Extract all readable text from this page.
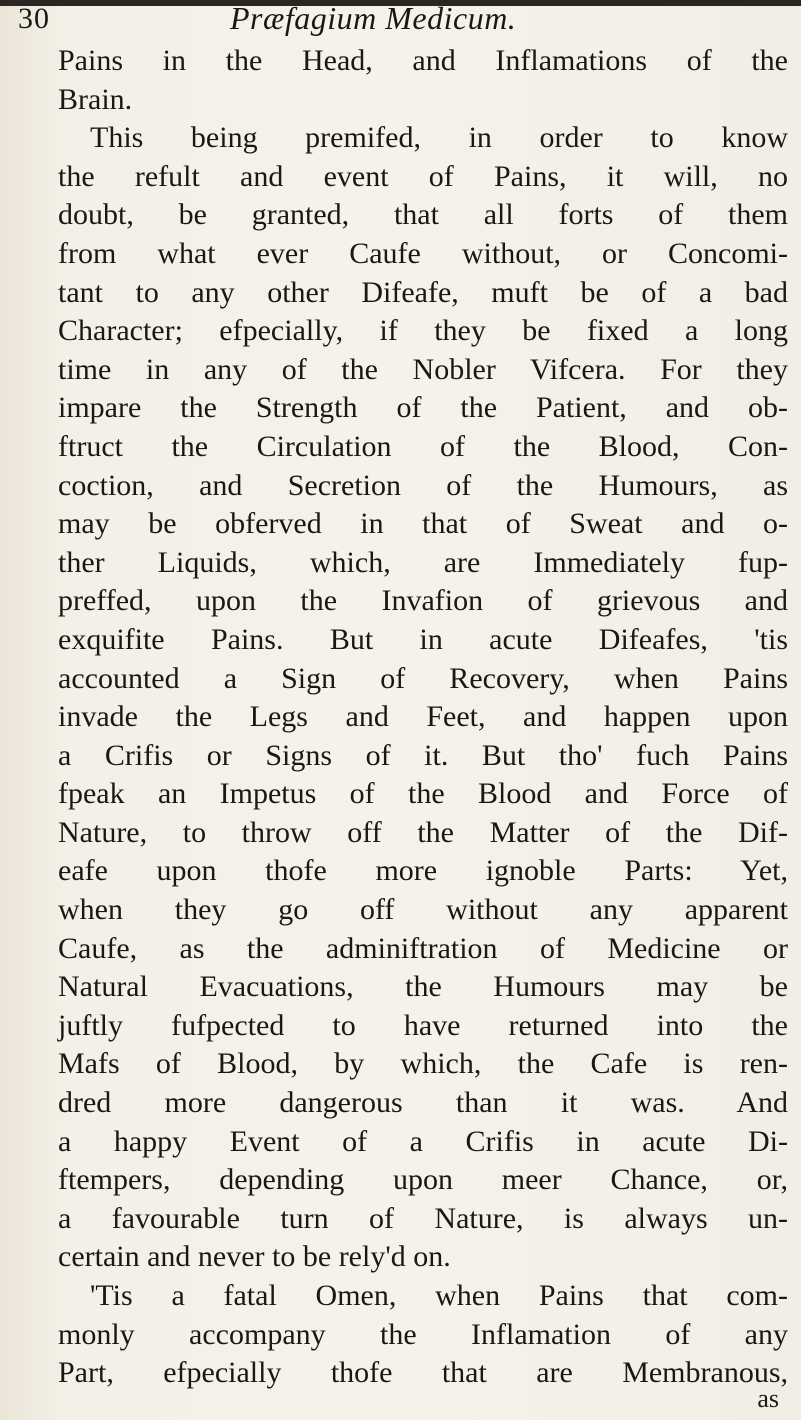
30	Præfagium Medicum.
Pains in the Head, and Inflamations of the
Brain.
This being premifed, in order to know
the refult and event of Pains, it will, no
doubt, be granted, that all forts of them
from what ever Caufe without, or Concomi-
tant to any other Difeafe, muft be of a bad
Character; efpecially, if they be fixed a long
time in any of the Nobler Vifcera. For they
impare the Strength of the Patient, and ob-
ftruct the Circulation of the Blood, Con-
coction, and Secretion of the Humours, as
may be obferved in that of Sweat and o-
ther Liquids, which, are Immediately fup-
preffed, upon the Invafion of grievous and
exquifite Pains. But in acute Difeafes, 'tis
accounted a Sign of Recovery, when Pains
invade the Legs and Feet, and happen upon
a Crifis or Signs of it. But tho' fuch Pains
fpeak an Impetus of the Blood and Force of
Nature, to throw off the Matter of the Dif-
eafe upon thofe more ignoble Parts: Yet,
when they go off without any apparent
Caufe, as the adminiftration of Medicine or
Natural Evacuations, the Humours may be
juftly fufpected to have returned into the
Mafs of Blood, by which, the Cafe is ren-
dred more dangerous than it was. And
a happy Event of a Crifis in acute Di-
ftempers, depending upon meer Chance, or,
a favourable turn of Nature, is always un-
certain and never to be rely'd on.
'Tis a fatal Omen, when Pains that com-
monly accompany the Inflamation of any
Part, efpecially thofe that are Membranous,
as
